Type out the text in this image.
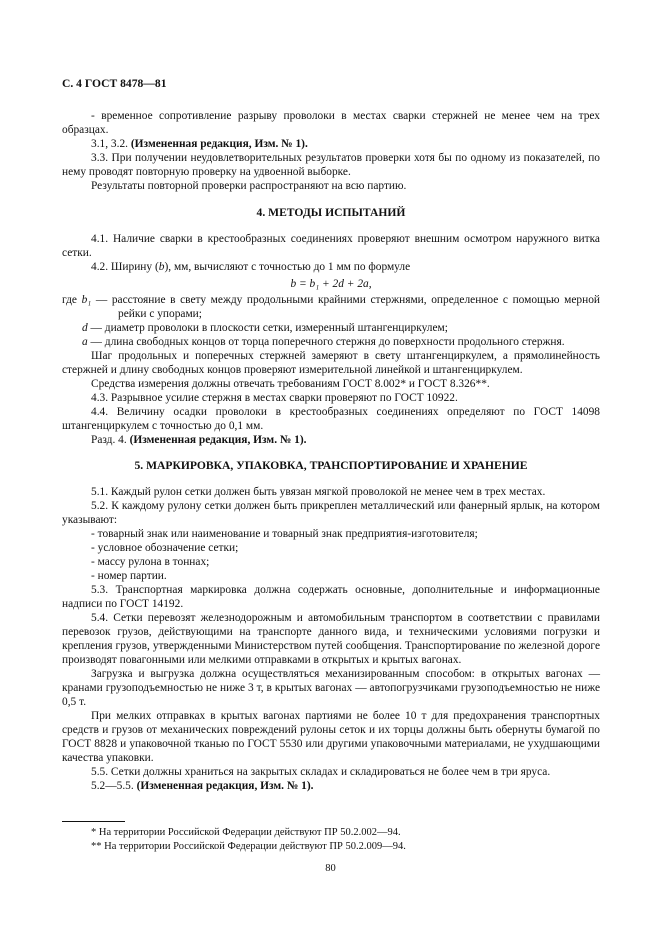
С. 4 ГОСТ 8478—81

- временное сопротивление разрыву проволоки в местах сварки стержней не менее чем на трех образцах.

3.1, 3.2. (Измененная редакция, Изм. № 1).

3.3. При получении неудовлетворительных результатов проверки хотя бы по одному из показателей, по нему проводят повторную проверку на удвоенной выборке.

Результаты повторной проверки распространяют на всю партию.

4. МЕТОДЫ ИСПЫТАНИЙ

4.1. Наличие сварки в крестообразных соединениях проверяют внешним осмотром наружного витка сетки.

4.2. Ширину (b), мм, вычисляют с точностью до 1 мм по формуле

b = b₁ + 2d + 2a,

где b₁ — расстояние в свету между продольными крайними стержнями, определенное с помощью мерной рейки с упорами;

d — диаметр проволоки в плоскости сетки, измеренный штангенциркулем;

a — длина свободных концов от торца поперечного стержня до поверхности продольного стержня.

Шаг продольных и поперечных стержней замеряют в свету штангенциркулем, а прямолинейность стержней и длину свободных концов проверяют измерительной линейкой и штангенциркулем.

Средства измерения должны отвечать требованиям ГОСТ 8.002* и ГОСТ 8.326**.

4.3. Разрывное усилие стержня в местах сварки проверяют по ГОСТ 10922.

4.4. Величину осадки проволоки в крестообразных соединениях определяют по ГОСТ 14098 штангенциркулем с точностью до 0,1 мм.

Разд. 4. (Измененная редакция, Изм. № 1).

5. МАРКИРОВКА, УПАКОВКА, ТРАНСПОРТИРОВАНИЕ И ХРАНЕНИЕ

5.1. Каждый рулон сетки должен быть увязан мягкой проволокой не менее чем в трех местах.

5.2. К каждому рулону сетки должен быть прикреплен металлический или фанерный ярлык, на котором указывают:

- товарный знак или наименование и товарный знак предприятия-изготовителя;

- условное обозначение сетки;

- массу рулона в тоннах;

- номер партии.

5.3. Транспортная маркировка должна содержать основные, дополнительные и информационные надписи по ГОСТ 14192.

5.4. Сетки перевозят железнодорожным и автомобильным транспортом в соответствии с правилами перевозок грузов, действующими на транспорте данного вида, и техническими условиями погрузки и крепления грузов, утвержденными Министерством путей сообщения. Транспортирование по железной дороге производят повагонными или мелкими отправками в открытых и крытых вагонах.

Загрузка и выгрузка должна осуществляться механизированным способом: в открытых вагонах — кранами грузоподъемностью не ниже 3 т, в крытых вагонах — автопогрузчиками грузоподъемностью не ниже 0,5 т.

При мелких отправках в крытых вагонах партиями не более 10 т для предохранения транспортных средств и грузов от механических повреждений рулоны сеток и их торцы должны быть обернуты бумагой по ГОСТ 8828 и упаковочной тканью по ГОСТ 5530 или другими упаковочными материалами, не ухудшающими качества упаковки.

5.5. Сетки должны храниться на закрытых складах и складироваться не более чем в три яруса.

5.2—5.5. (Измененная редакция, Изм. № 1).

* На территории Российской Федерации действуют ПР 50.2.002—94.

** На территории Российской Федерации действуют ПР 50.2.009—94.

80
